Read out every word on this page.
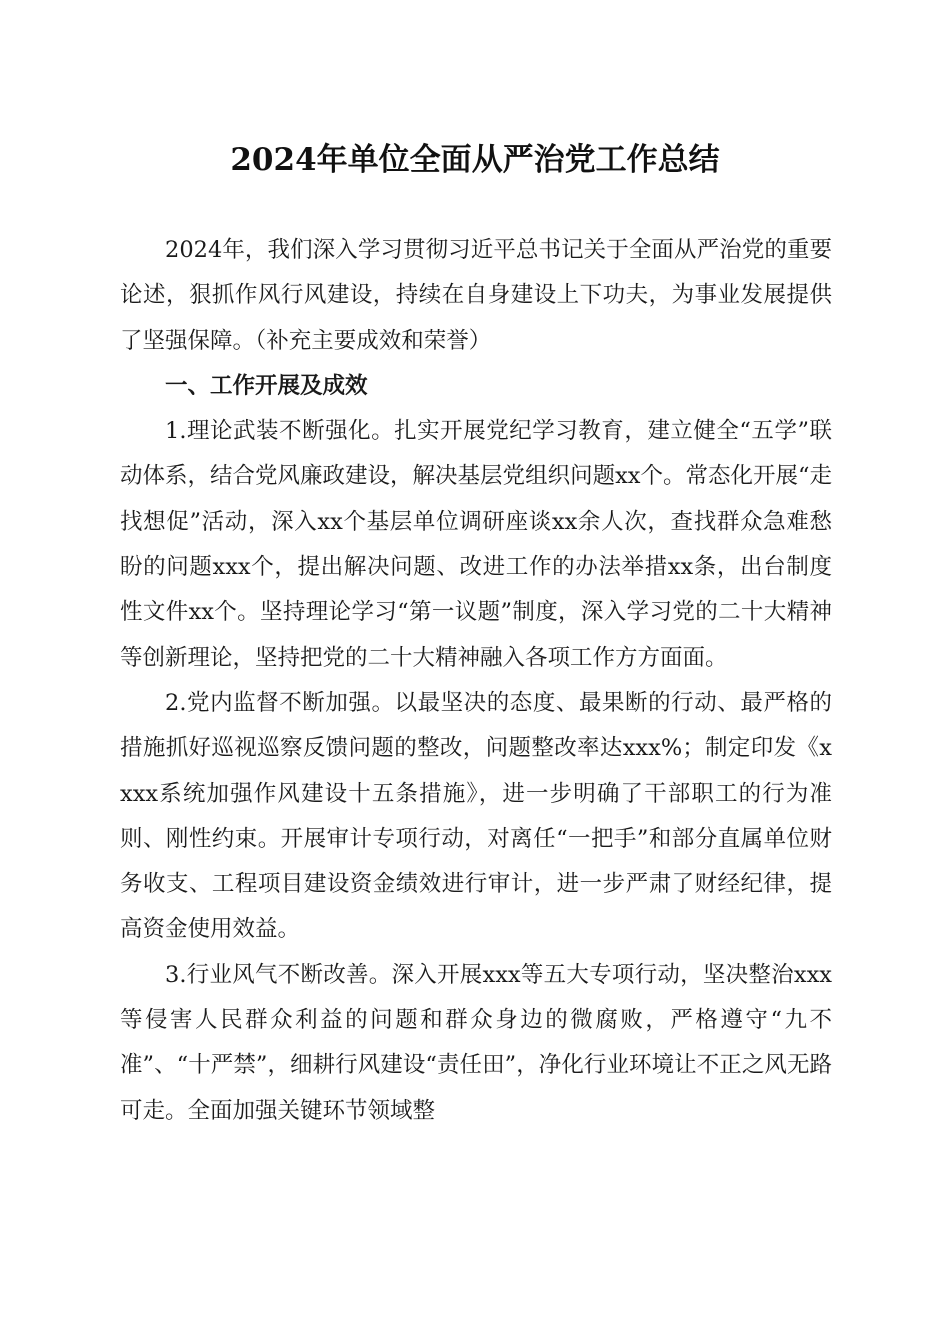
2024年单位全面从严治党工作总结

2024年，我们深入学习贯彻习近平总书记关于全面从严治党的重要论述，狠抓作风行风建设，持续在自身建设上下功夫，为事业发展提供了坚强保障。（补充主要成效和荣誉）

一、工作开展及成效

1.理论武装不断强化。扎实开展党纪学习教育，建立健全“五学”联动体系，结合党风廉政建设，解决基层党组织问题xx个。常态化开展“走找想促”活动，深入xx个基层单位调研座谈xx余人次，查找群众急难愁盼的问题xxx个，提出解决问题、改进工作的办法举措xx条，出台制度性文件xx个。坚持理论学习“第一议题”制度，深入学习党的二十大精神等创新理论，坚持把党的二十大精神融入各项工作方方面面。

2.党内监督不断加强。以最坚决的态度、最果断的行动、最严格的措施抓好巡视巡察反馈问题的整改，问题整改率达xxx%；制定印发《xxxx系统加强作风建设十五条措施》，进一步明确了干部职工的行为准则、刚性约束。开展审计专项行动，对离任“一把手”和部分直属单位财务收支、工程项目建设资金绩效进行审计，进一步严肃了财经纪律，提高资金使用效益。

3.行业风气不断改善。深入开展xxx等五大专项行动，坚决整治xxx等侵害人民群众利益的问题和群众身边的微腐败，严格遵守“九不准”、“十严禁”，细耕行风建设“责任田”，净化行业环境让不正之风无路可走。全面加强关键环节领域整
